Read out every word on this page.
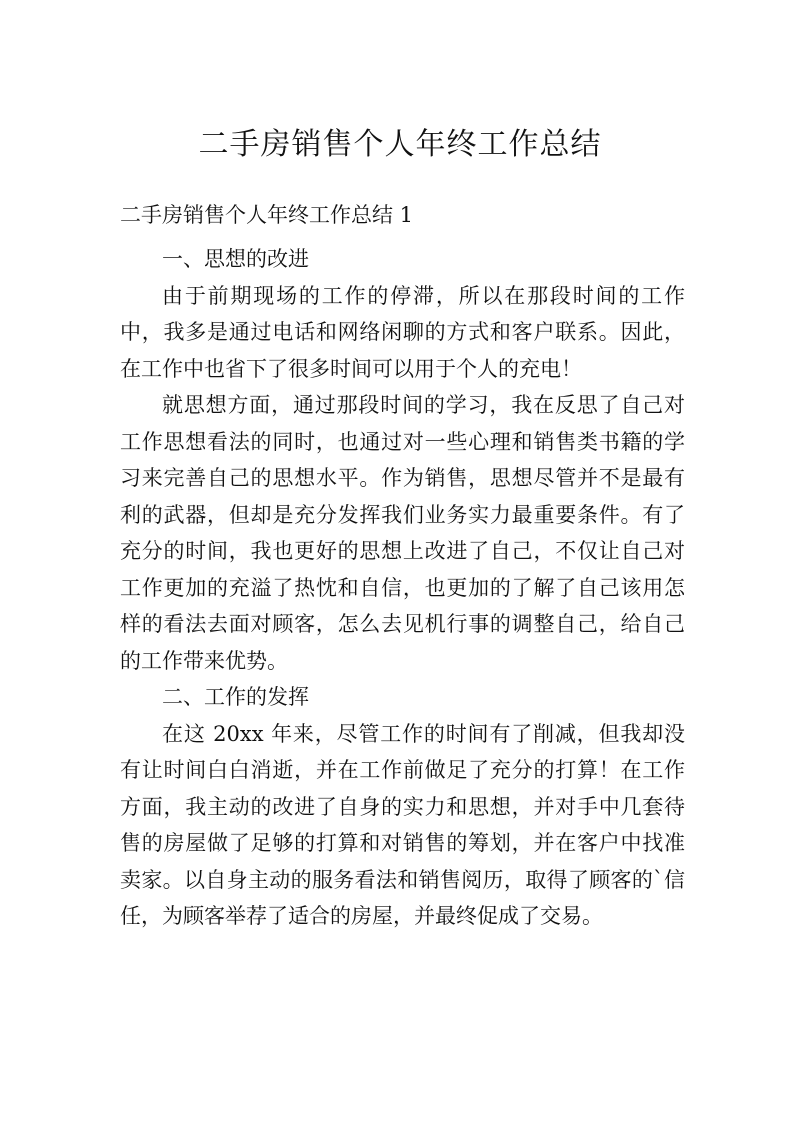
二手房销售个人年终工作总结
二手房销售个人年终工作总结 1

一、思想的改进

由于前期现场的工作的停滞，所以在那段时间的工作中，我多是通过电话和网络闲聊的方式和客户联系。因此，在工作中也省下了很多时间可以用于个人的充电！

就思想方面，通过那段时间的学习，我在反思了自己对工作思想看法的同时，也通过对一些心理和销售类书籍的学习来完善自己的思想水平。作为销售，思想尽管并不是最有利的武器，但却是充分发挥我们业务实力最重要条件。有了充分的时间，我也更好的思想上改进了自己，不仅让自己对工作更加的充溢了热忱和自信，也更加的了解了自己该用怎样的看法去面对顾客，怎么去见机行事的调整自己，给自己的工作带来优势。

二、工作的发挥

在这 20xx 年来，尽管工作的时间有了削减，但我却没有让时间白白消逝，并在工作前做足了充分的打算！在工作方面，我主动的改进了自身的实力和思想，并对手中几套待售的房屋做了足够的打算和对销售的筹划，并在客户中找准卖家。以自身主动的服务看法和销售阅历，取得了顾客的`信任，为顾客举荐了适合的房屋，并最终促成了交易。
